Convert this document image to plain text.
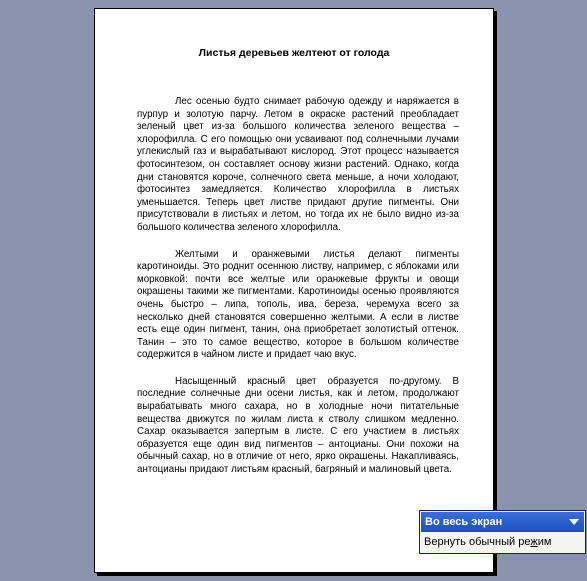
Листья деревьев желтеют от голода

Лес осенью будто снимает рабочую одежду и наряжается в пурпур и золотую парчу. Летом в окраске растений преобладает зеленый цвет из-за большого количества зеленого вещества – хлорофилла. С его помощью они усваивают под солнечными лучами углекислый газ и вырабатывают кислород. Этот процесс называется фотосинтезом, он составляет основу жизни растений. Однако, когда дни становятся короче, солнечного света меньше, а ночи холодают, фотосинтез замедляется. Количество хлорофилла в листьях уменьшается. Теперь цвет листве придают другие пигменты. Они присутствовали в листьях и летом, но тогда их не было видно из-за большого количества зеленого хлорофилла.

Желтыми и оранжевыми листья делают пигменты каротиноиды. Это роднит осеннюю листву, например, с яблоками или морковкой: почти все желтые или оранжевые фрукты и овощи окрашены такими же пигментами. Каротиноиды осенью проявляются очень быстро – липа, тополь, ива, береза, черемуха всего за несколько дней становятся совершенно желтыми. А если в листве есть еще один пигмент, танин, она приобретает золотистый оттенок. Танин – это то самое вещество, которое в большом количестве содержится в чайном листе и придает чаю вкус.

Насыщенный красный цвет образуется по-другому. В последние солнечные дни осени листья, как и летом, продолжают вырабатывать много сахара, но в холодные ночи питательные вещества движутся по жилам листа к стволу слишком медленно. Сахар оказывается запертым в листе. С его участием в листьях образуется еще один вид пигментов – антоцианы. Они похожи на обычный сахар, но в отличие от него, ярко окрашены. Накапливаясь, антоцианы придают листьям красный, багряный и малиновый цвета.

Во весь экран
Вернуть обычный режим
